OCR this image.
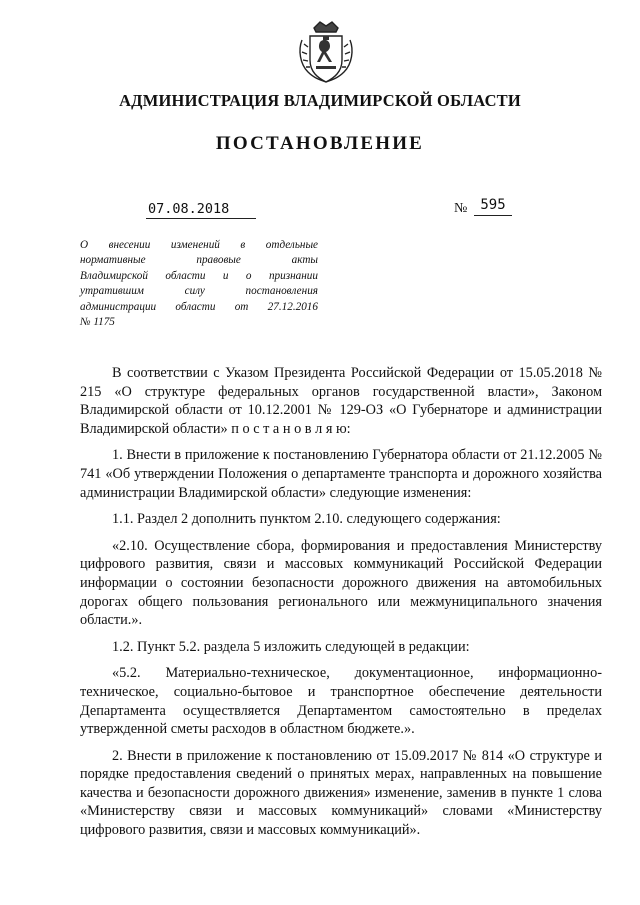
АДМИНИСТРАЦИЯ ВЛАДИМИРСКОЙ ОБЛАСТИ
ПОСТАНОВЛЕНИЕ
07.08.2018	№ 595
О внесении изменений в отдельные
нормативные правовые акты
Владимирской области и о признании
утратившим силу постановления
администрации области от 27.12.2016
№ 1175

В соответствии с Указом Президента Российской Федерации от 15.05.2018 № 215 «О структуре федеральных органов государственной власти», Законом Владимирской области от 10.12.2001 № 129-ОЗ «О Губернаторе и администрации Владимирской области» п о с т а н о в л я ю:

1. Внести в приложение к постановлению Губернатора области от 21.12.2005 № 741 «Об утверждении Положения о департаменте транспорта и дорожного хозяйства администрации Владимирской области» следующие изменения:

1.1. Раздел 2 дополнить пунктом 2.10. следующего содержания:

«2.10. Осуществление сбора, формирования и предоставления Министерству цифрового развития, связи и массовых коммуникаций Российской Федерации информации о состоянии безопасности дорожного движения на автомобильных дорогах общего пользования регионального или межмуниципального значения области.».

1.2. Пункт 5.2. раздела 5 изложить следующей в редакции:

«5.2. Материально-техническое, документационное, информационно-техническое, социально-бытовое и транспортное обеспечение деятельности Департамента осуществляется Департаментом самостоятельно в пределах утвержденной сметы расходов в областном бюджете.».

2. Внести в приложение к постановлению от 15.09.2017 № 814 «О структуре и порядке предоставления сведений о принятых мерах, направленных на повышение качества и безопасности дорожного движения» изменение, заменив в пункте 1 слова «Министерству связи и массовых коммуникаций» словами «Министерству цифрового развития, связи и массовых коммуникаций».
